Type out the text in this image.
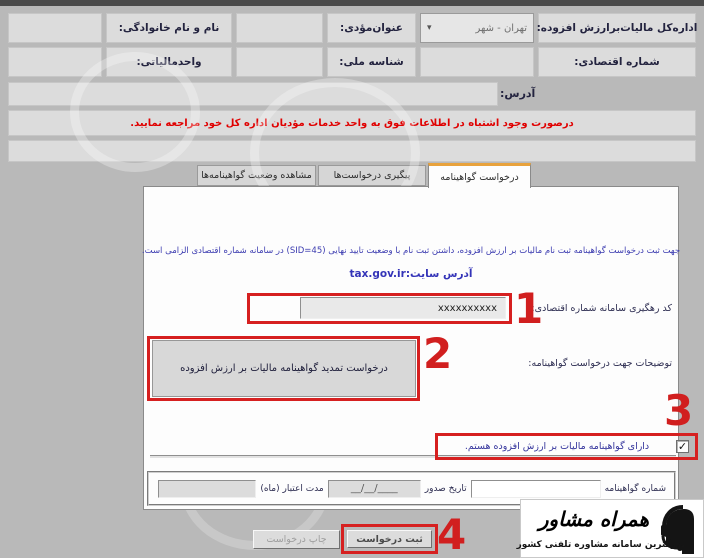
اداره‌کل مالیات‌برارزش افزوده:
تهران - شهر
▾
عنوان‌مؤدی:
نام و نام خانوادگی:
شماره اقتصادی:
شناسه ملی:
واحدمالیاتی:
آدرس:
درصورت وجود اشتباه در اطلاعات فوق به واحد خدمات مؤدیان اداره کل خود مراجعه نمایید.
مشاهده وضعیت گواهینامه‌ها	پیگیری درخواست‌ها	درخواست گواهینامه
جهت ثبت درخواست گواهینامه ثبت نام مالیات بر ارزش افزوده، داشتن ثبت نام با وضعیت تایید نهایی (SID=45) در سامانه شماره اقتصادی الزامی است.
آدرس سایت:tax.gov.ir
کد رهگیری سامانه شماره اقتصادی:
xxxxxxxxxx
توضیحات جهت درخواست گواهینامه:
درخواست تمدید گواهینامه مالیات بر ارزش افزوده
1
2
3
✓
دارای گواهینامه مالیات بر ارزش افزوده هستم.
شماره گواهینامه
تاریخ صدور
__/__/____
مدت اعتبار (ماه)
ثبت درخواست 4
چاپ درخواست
همراه مشاور
بزرگترین سامانه مشاوره تلفنی کشور
